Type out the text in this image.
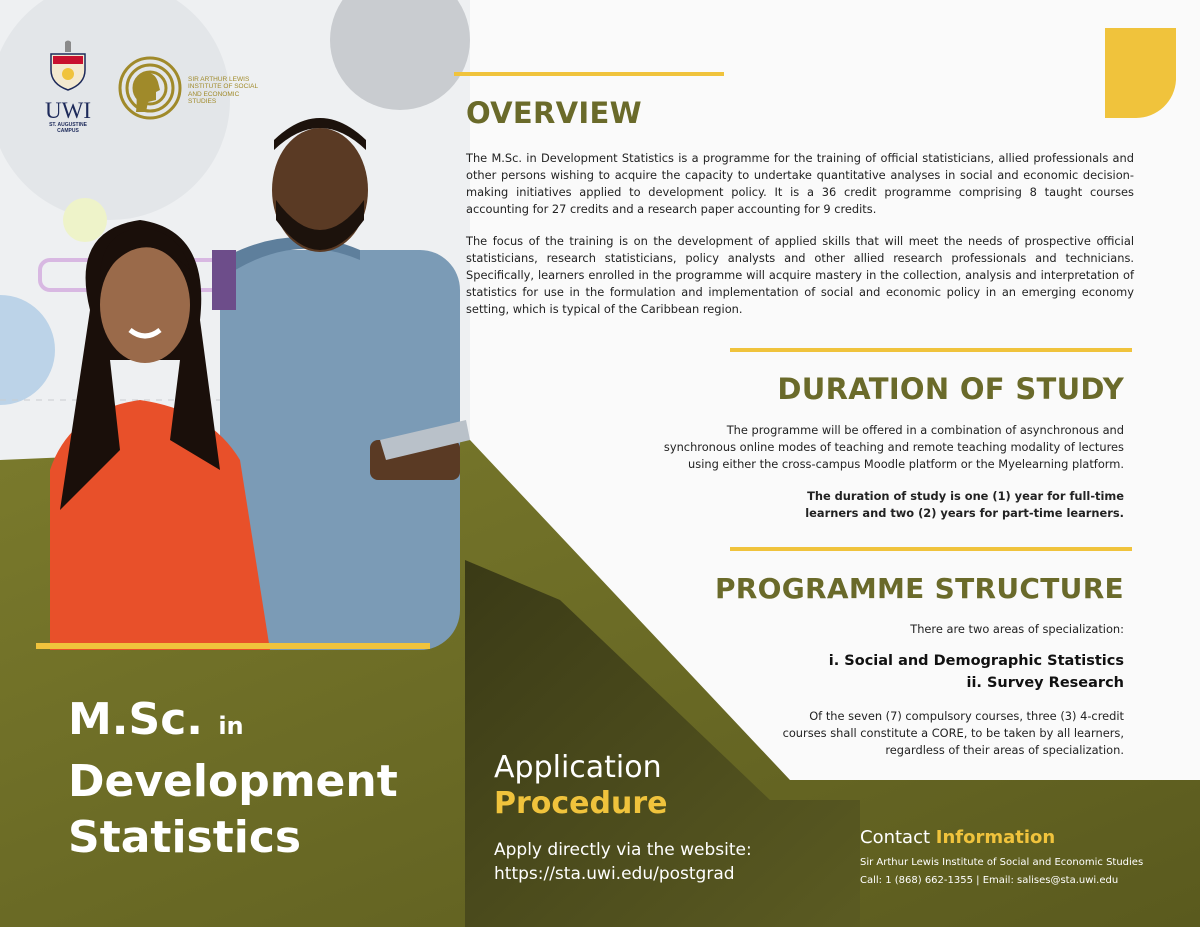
UWI
ST. AUGUSTINE
CAMPUS
SIR ARTHUR LEWIS INSTITUTE OF SOCIAL AND ECONOMIC STUDIES	OVERVIEW

The M.Sc. in Development Statistics is a programme for the training of official statisticians, allied professionals and other persons wishing to acquire the capacity to undertake quantitative analyses in social and economic decision-making initiatives applied to development policy. It is a 36 credit programme comprising 8 taught courses accounting for 27 credits and a research paper accounting for 9 credits.

The focus of the training is on the development of applied skills that will meet the needs of prospective official statisticians, research statisticians, policy analysts and other allied research professionals and technicians. Specifically, learners enrolled in the programme will acquire mastery in the collection, analysis and interpretation of statistics for use in the formulation and implementation of social and economic policy in an emerging economy setting, which is typical of the Caribbean region.

DURATION OF STUDY
The programme will be offered in a combination of asynchronous and
synchronous online modes of teaching and remote teaching modality of lectures
using either the cross-campus Moodle platform or the Myelearning platform.
The duration of study is one (1) year for full-time
learners and two (2) years for part-time learners.
PROGRAMME STRUCTURE
There are two areas of specialization:
i. Social and Demographic Statistics
ii. Survey Research
Of the seven (7) compulsory courses, three (3) 4-credit
courses shall constitute a CORE, to be taken by all learners,
regardless of their areas of specialization.
M.Sc. in
Development
Statistics
Application
Procedure
Apply directly via the website:
https://sta.uwi.edu/postgrad
Contact Information
Sir Arthur Lewis Institute of Social and Economic Studies
Call: 1 (868) 662-1355 | Email: salises@sta.uwi.edu
